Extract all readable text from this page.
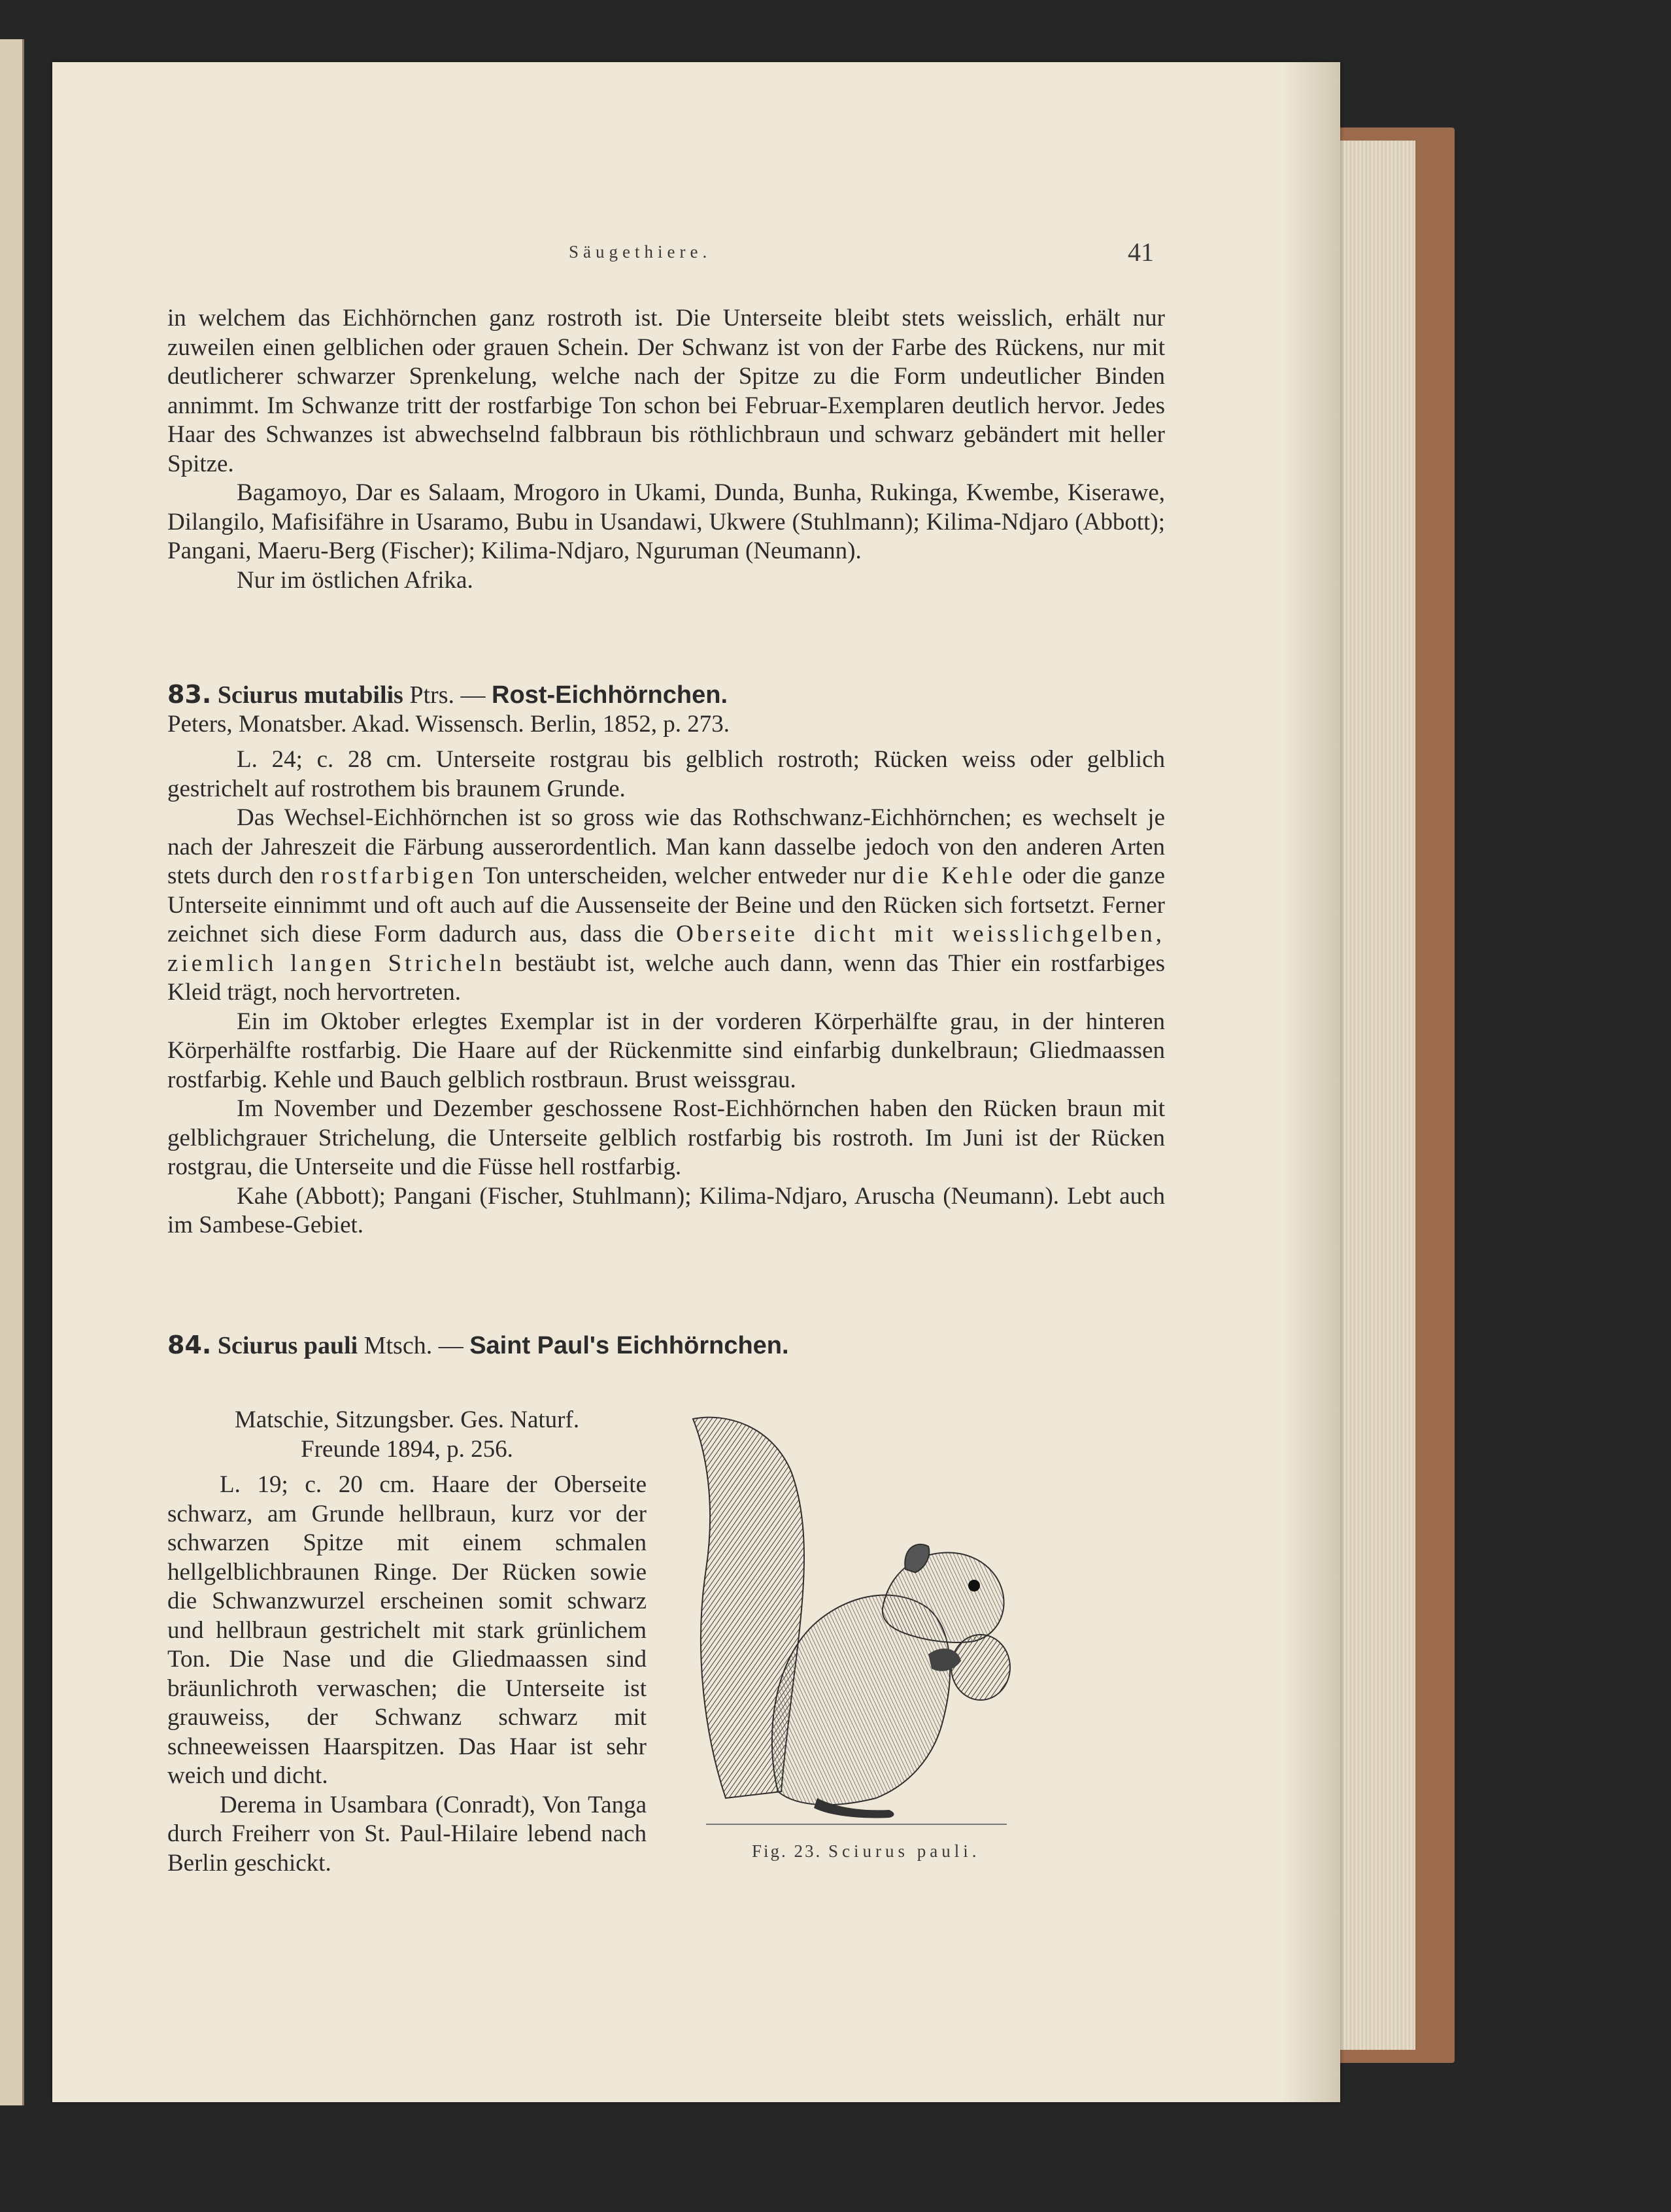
Säugethiere.	41

in welchem das Eichhörnchen ganz rostroth ist. Die Unterseite bleibt stets weisslich, erhält nur zuweilen einen gelblichen oder grauen Schein. Der Schwanz ist von der Farbe des Rückens, nur mit deutlicherer schwarzer Sprenkelung, welche nach der Spitze zu die Form undeutlicher Binden annimmt. Im Schwanze tritt der rostfarbige Ton schon bei Februar-Exemplaren deutlich hervor. Jedes Haar des Schwanzes ist abwechselnd falbbraun bis röthlichbraun und schwarz gebändert mit heller Spitze.

Bagamoyo, Dar es Salaam, Mrogoro in Ukami, Dunda, Bunha, Rukinga, Kwembe, Kiserawe, Dilangilo, Mafisifähre in Usaramo, Bubu in Usandawi, Ukwere (Stuhlmann); Kilima-Ndjaro (Abbott); Pangani, Maeru-Berg (Fischer); Kilima-Ndjaro, Nguruman (Neumann).

Nur im östlichen Afrika.

83. Sciurus mutabilis Ptrs. — Rost-Eichhörnchen.

Peters, Monatsber. Akad. Wissensch. Berlin, 1852, p. 273.

L. 24; c. 28 cm. Unterseite rostgrau bis gelblich rostroth; Rücken weiss oder gelblich gestrichelt auf rostrothem bis braunem Grunde.

Das Wechsel-Eichhörnchen ist so gross wie das Rothschwanz-Eichhörnchen; es wechselt je nach der Jahreszeit die Färbung ausserordentlich. Man kann dasselbe jedoch von den anderen Arten stets durch den rostfarbigen Ton unterscheiden, welcher entweder nur die Kehle oder die ganze Unterseite einnimmt und oft auch auf die Aussenseite der Beine und den Rücken sich fortsetzt. Ferner zeichnet sich diese Form dadurch aus, dass die Oberseite dicht mit weisslichgelben, ziemlich langen Stricheln bestäubt ist, welche auch dann, wenn das Thier ein rostfarbiges Kleid trägt, noch hervortreten.

Ein im Oktober erlegtes Exemplar ist in der vorderen Körperhälfte grau, in der hinteren Körperhälfte rostfarbig. Die Haare auf der Rückenmitte sind einfarbig dunkelbraun; Gliedmaassen rostfarbig. Kehle und Bauch gelblich rostbraun. Brust weissgrau.

Im November und Dezember geschossene Rost-Eichhörnchen haben den Rücken braun mit gelblichgrauer Strichelung, die Unterseite gelblich rostfarbig bis rostroth. Im Juni ist der Rücken rostgrau, die Unterseite und die Füsse hell rostfarbig.

Kahe (Abbott); Pangani (Fischer, Stuhlmann); Kilima-Ndjaro, Aruscha (Neumann). Lebt auch im Sambese-Gebiet.

84. Sciurus pauli Mtsch. — Saint Paul's Eichhörnchen.

Matschie, Sitzungsber. Ges. Naturf.

Freunde 1894, p. 256.

L. 19; c. 20 cm. Haare der Oberseite schwarz, am Grunde hellbraun, kurz vor der schwarzen Spitze mit einem schmalen hellgelblichbraunen Ringe. Der Rücken sowie die Schwanzwurzel erscheinen somit schwarz und hellbraun gestrichelt mit stark grünlichem Ton. Die Nase und die Gliedmaassen sind bräunlichroth verwaschen; die Unterseite ist grauweiss, der Schwanz schwarz mit schneeweissen Haarspitzen. Das Haar ist sehr weich und dicht.

Derema in Usambara (Conradt), Von Tanga durch Freiherr von St. Paul-Hilaire lebend nach Berlin geschickt.	Fig. 23. Sciurus pauli.
